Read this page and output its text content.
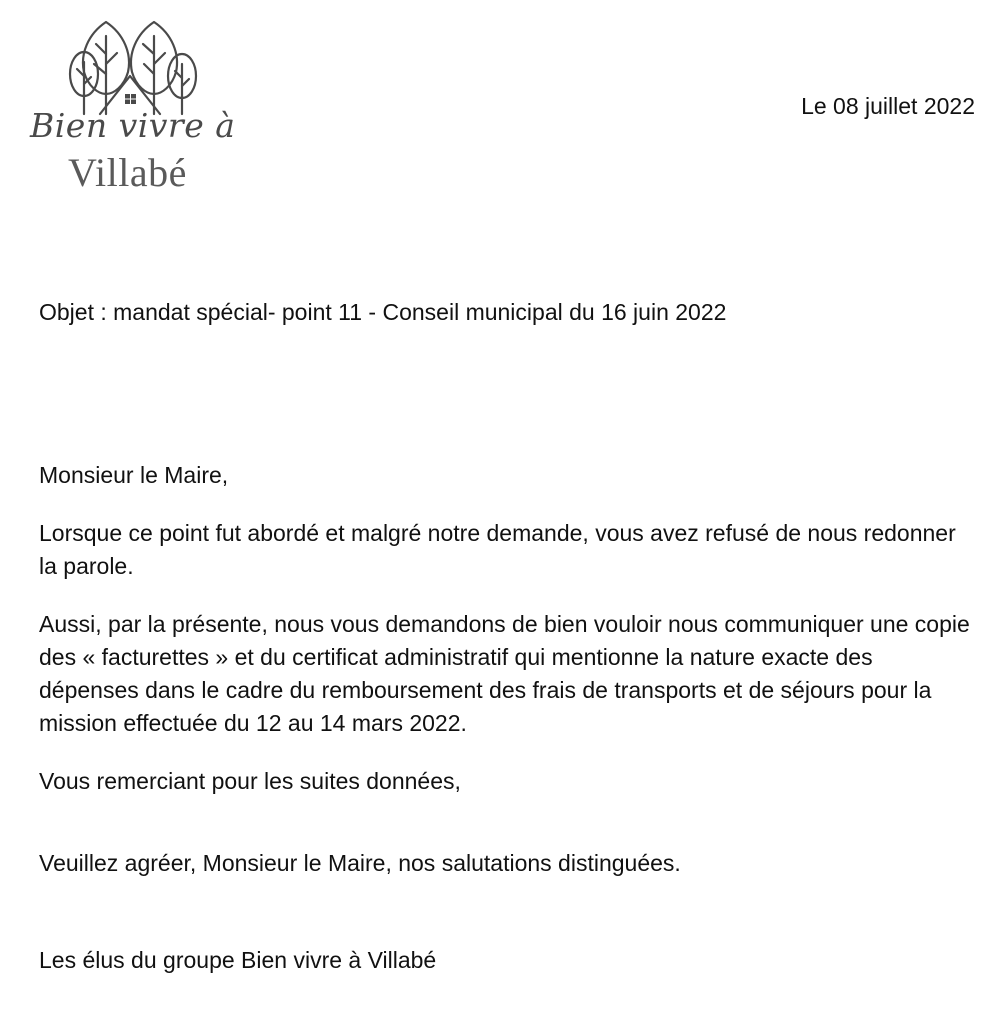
Bien vivre à
Villabé
Le 08 juillet 2022
Objet : mandat spécial- point 11 - Conseil municipal du 16 juin 2022

Monsieur le Maire,

Lorsque ce point fut abordé et malgré notre demande, vous avez refusé de nous redonner la parole.

Aussi, par la présente, nous vous demandons de bien vouloir nous communiquer une copie des « facturettes » et du certificat administratif qui mentionne la nature exacte des dépenses dans le cadre du remboursement des frais de transports et de séjours pour la mission effectuée du 12 au 14 mars 2022.

Vous remerciant pour les suites données,

Veuillez agréer, Monsieur le Maire, nos salutations distinguées.

Les élus du groupe Bien vivre à Villabé
